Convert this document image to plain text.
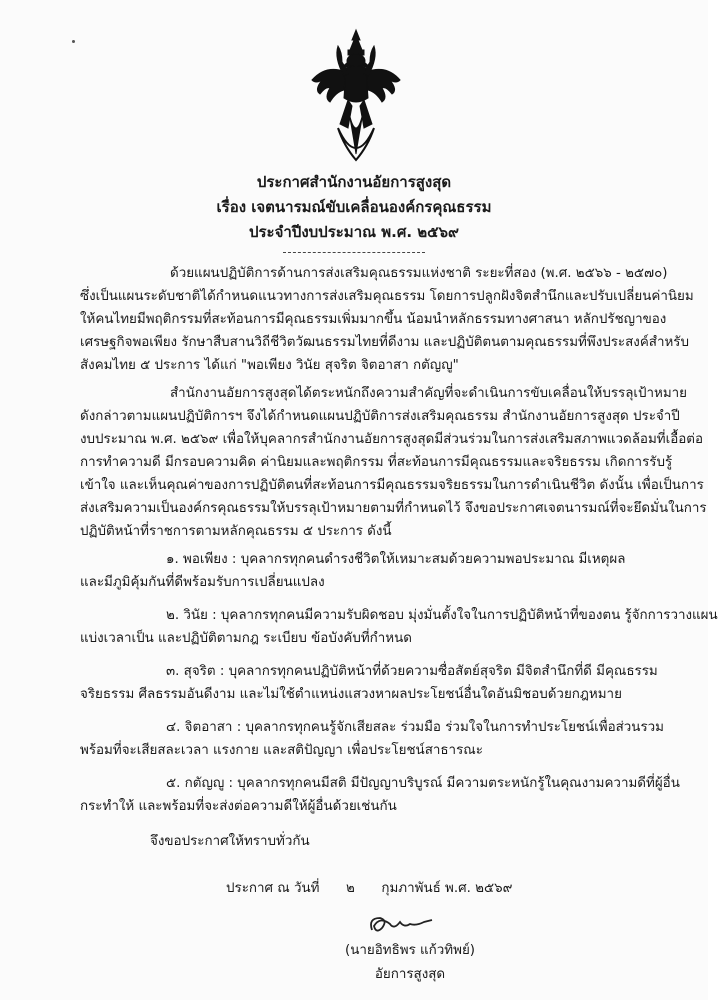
ประกาศสำนักงานอัยการสูงสุด
เรื่อง เจตนารมณ์ขับเคลื่อนองค์กรคุณธรรม
ประจำปีงบประมาณ พ.ศ. ๒๕๖๙
ด้วยแผนปฏิบัติการด้านการส่งเสริมคุณธรรมแห่งชาติ ระยะที่สอง (พ.ศ. ๒๕๖๖ - ๒๕๗๐)
ซึ่งเป็นแผนระดับชาติได้กำหนดแนวทางการส่งเสริมคุณธรรม โดยการปลูกฝังจิตสำนึกและปรับเปลี่ยนค่านิยม
ให้คนไทยมีพฤติกรรมที่สะท้อนการมีคุณธรรมเพิ่มมากขึ้น น้อมนำหลักธรรมทางศาสนา หลักปรัชญาของ
เศรษฐกิจพอเพียง รักษาสืบสานวิถีชีวิตวัฒนธรรมไทยที่ดีงาม และปฏิบัติตนตามคุณธรรมที่พึงประสงค์สำหรับ
สังคมไทย ๕ ประการ ได้แก่ "พอเพียง วินัย สุจริต จิตอาสา กตัญญู"
สำนักงานอัยการสูงสุดได้ตระหนักถึงความสำคัญที่จะดำเนินการขับเคลื่อนให้บรรลุเป้าหมาย
ดังกล่าวตามแผนปฏิบัติการฯ จึงได้กำหนดแผนปฏิบัติการส่งเสริมคุณธรรม สำนักงานอัยการสูงสุด ประจำปี
งบประมาณ พ.ศ. ๒๕๖๙ เพื่อให้บุคลากรสำนักงานอัยการสูงสุดมีส่วนร่วมในการส่งเสริมสภาพแวดล้อมที่เอื้อต่อ
การทำความดี มีกรอบความคิด ค่านิยมและพฤติกรรม ที่สะท้อนการมีคุณธรรมและจริยธรรม เกิดการรับรู้
เข้าใจ และเห็นคุณค่าของการปฏิบัติตนที่สะท้อนการมีคุณธรรมจริยธรรมในการดำเนินชีวิต ดังนั้น เพื่อเป็นการ
ส่งเสริมความเป็นองค์กรคุณธรรมให้บรรลุเป้าหมายตามที่กำหนดไว้ จึงขอประกาศเจตนารมณ์ที่จะยึดมั่นในการ
ปฏิบัติหน้าที่ราชการตามหลักคุณธรรม ๕ ประการ ดังนี้
๑. พอเพียง : บุคลากรทุกคนดำรงชีวิตให้เหมาะสมด้วยความพอประมาณ มีเหตุผล
และมีภูมิคุ้มกันที่ดีพร้อมรับการเปลี่ยนแปลง
๒. วินัย : บุคลากรทุกคนมีความรับผิดชอบ มุ่งมั่นตั้งใจในการปฏิบัติหน้าที่ของตน รู้จักการวางแผน
แบ่งเวลาเป็น และปฏิบัติตามกฎ ระเบียบ ข้อบังคับที่กำหนด
๓. สุจริต : บุคลากรทุกคนปฏิบัติหน้าที่ด้วยความซื่อสัตย์สุจริต มีจิตสำนึกที่ดี มีคุณธรรม
จริยธรรม ศีลธรรมอันดีงาม และไม่ใช้ตำแหน่งแสวงหาผลประโยชน์อื่นใดอันมิชอบด้วยกฎหมาย
๔. จิตอาสา : บุคลากรทุกคนรู้จักเสียสละ ร่วมมือ ร่วมใจในการทำประโยชน์เพื่อส่วนรวม
พร้อมที่จะเสียสละเวลา แรงกาย และสติปัญญา เพื่อประโยชน์สาธารณะ
๕. กตัญญู : บุคลากรทุกคนมีสติ มีปัญญาบริบูรณ์ มีความตระหนักรู้ในคุณงามความดีที่ผู้อื่น
กระทำให้ และพร้อมที่จะส่งต่อความดีให้ผู้อื่นด้วยเช่นกัน
จึงขอประกาศให้ทราบทั่วกัน
ประกาศ ณ วันที่ ๒ กุมภาพันธ์ พ.ศ. ๒๕๖๙
(นายอิทธิพร แก้วทิพย์)
อัยการสูงสุด
